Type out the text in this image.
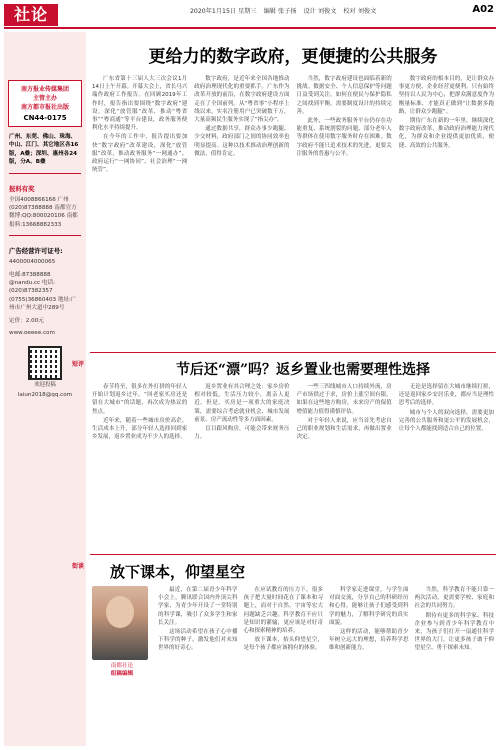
社论	2020年1月15日 星期三 编辑 张子扬 设计 刘俊文 校对 刘俊文	A02
南方报业传媒集团
主管主办
南方都市报社出版
CN44-0175
广州、东莞、佛山、珠海、中山、江门、其它地区各16版，A叠；深圳、惠州各24版，分A、B叠
报料有奖
全国4008866166 广州(020)87388888 南都官方微博:QQ:800020106 南都报料:13668882333
广告经营许可证号:
4400004000065
电邮:87388888 @nandu.cc 电话:(020)87382357 (0755)36860403 地址:广州市广州大道中289号
定价：2.00元
www.oeeee.com
欢迎投稿
laiun2018@qq.com
更给力的数字政府，更便捷的公共服务

广东省第十三届人大三次会议1月14日上午开幕。开幕大会上，省长马兴瑞作政府工作报告。在回顾2019年工作时，报告指出要围绕“数字政府”建设，深化“放管服”改革，推动“粤省事”“粤商通”等平台建设，政务服务便利化水平持续提升。

在今年的工作中，报告提出要加快“数字政府”改革建设，深化“放管服”改革，推动政务服务“一网通办”、政府运行“一网协同”、社会治理“一网统管”。

数字政府，是近年来全国各地推动政府治理现代化的重要抓手。广东作为改革开放的前沿，在数字政府建设方面走在了全国前列。从“粤省事”小程序上线以来，实名注册用户已突破数千万，大量高频民生服务实现了“指尖办”。

通过数据共享，群众办事少跑腿、少交材料，政府部门之间的协同效率也明显提高。这种以技术推动治理创新的做法，值得肯定。

当然，数字政府建设也面临着新的挑战。数据安全、个人信息保护等问题日益受到关注。如何在便民与保护隐私之间找到平衡，需要制度设计的持续完善。

此外，一些政务服务平台仍存在功能重复、系统割裂的问题，部分老年人等群体在使用数字服务时存在困难。数字政府不能只追求技术的先进，更要关注服务的普惠与公平。

数字政府的根本目的，是让群众办事更方便、企业经营更便利。只有始终坚持以人民为中心，把群众满意度作为衡量标准，才能真正做到“让数据多跑路，让群众少跑腿”。

期待广东在新的一年里，继续深化数字政府改革，推动政府治理能力现代化，为群众和企业提供更加优质、便捷、高效的公共服务。

短评	节后还“漂”吗？返乡置业也需要理性选择

春节将至，很多在外打拼的年轻人开始计划返乡过年。“回老家买房还是留在大城市”的话题，再次成为热议的焦点。

近年来，随着一些城市房价高企、生活成本上升，部分年轻人选择回到家乡发展，返乡置业成为不少人的选择。

返乡置业有其合理之处：家乡房价相对较低，生活压力较小，离亲人更近。但是，买房是一项重大的家庭决策，需要综合考虑就业机会、城市发展前景、房产流动性等多方面因素。

盲目跟风购房，可能会带来财务压力。

一些三四线城市人口持续外流，房产市场供过于求，房价上涨空间有限。如果在这些地方购房，未来房产的保值增值能力值得谨慎评估。

对于年轻人来说，应当首先考虑自己的职业规划和生活需求，再做出置业决定。

无论是选择留在大城市继续打拼，还是返回家乡安居乐业，都应当是理性思考后的选择。

城市与个人的双向选择，需要更加完善的公共服务和更公平的发展机会，让每个人都能找到适合自己的位置。

街谈 放下课本，仰望星空
南都社论
组稿编辑

最近，在第二届青少年科学小会上，腾讯联合国内外顶尖科学家，为青少年开设了一堂特别的科学课，吸引了众多学生和家长关注。

这场活动希望在孩子心中播下科学的种子，激发他们对未知世界的好奇心。

在应试教育的压力下，很多孩子把大量时间花在了课本和习题上，而对于自然、宇宙等宏大问题缺乏兴趣。科学教育不应只是知识的灌输，更应该是对好奇心和探索精神的培养。

放下课本，抬头仰望星空，是每个孩子都应该拥有的体验。

科学家走进课堂，与学生面对面交流，分享自己的科研经历和心得，能够让孩子们感受到科学的魅力，了解科学研究的真实面貌。

这样的活动，能够帮助青少年树立远大的理想，培养科学思维和创新能力。

当然，科学教育不能只靠一两次活动，更需要学校、家庭和社会的共同努力。

期待有更多的科学家、科技企业参与到青少年科学教育中来，为孩子们打开一扇通往科学世界的大门，让更多孩子敢于仰望星空、勇于探索未知。
